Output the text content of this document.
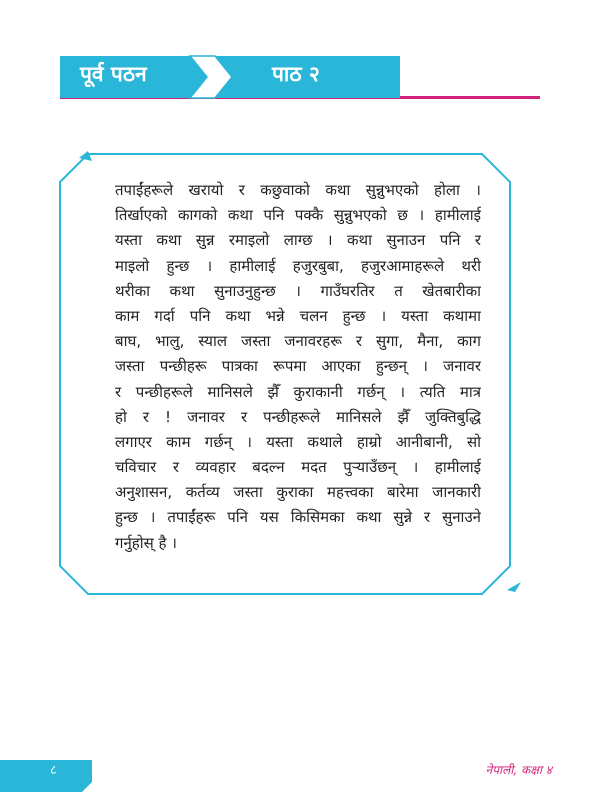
पूर्व पठन	पाठ २
तपाईंहरूले खरायो र कछुवाको कथा सुन्नुभएको होला ।
तिर्खाएको कागको कथा पनि पक्कै सुन्नुभएको छ । हामीलाई
यस्ता कथा सुन्न रमाइलो लाग्छ । कथा सुनाउन पनि र
माइलो हुन्छ । हामीलाई हजुरबुबा, हजुरआमाहरूले थरी
थरीका कथा सुनाउनुहुन्छ । गाउँघरतिर त खेतबारीका
काम गर्दा पनि कथा भन्ने चलन हुन्छ । यस्ता कथामा
बाघ, भालु, स्याल जस्ता जनावरहरू र सुगा, मैना, काग
जस्ता पन्छीहरू पात्रका रूपमा आएका हुन्छन् । जनावर
र पन्छीहरूले मानिसले झैँ कुराकानी गर्छन् । त्यति मात्र
हो र ! जनावर र पन्छीहरूले मानिसले झैँ जुक्तिबुद्धि
लगाएर काम गर्छन् । यस्ता कथाले हाम्रो आनीबानी, सो
चविचार र व्यवहार बदल्न मदत पुऱ्याउँछन् । हामीलाई
अनुशासन, कर्तव्य जस्ता कुराका महत्त्वका बारेमा जानकारी
हुन्छ । तपाईंहरू पनि यस किसिमका कथा सुन्ने र सुनाउने
गर्नुहोस् है ।
८	नेपाली, कक्षा ४
